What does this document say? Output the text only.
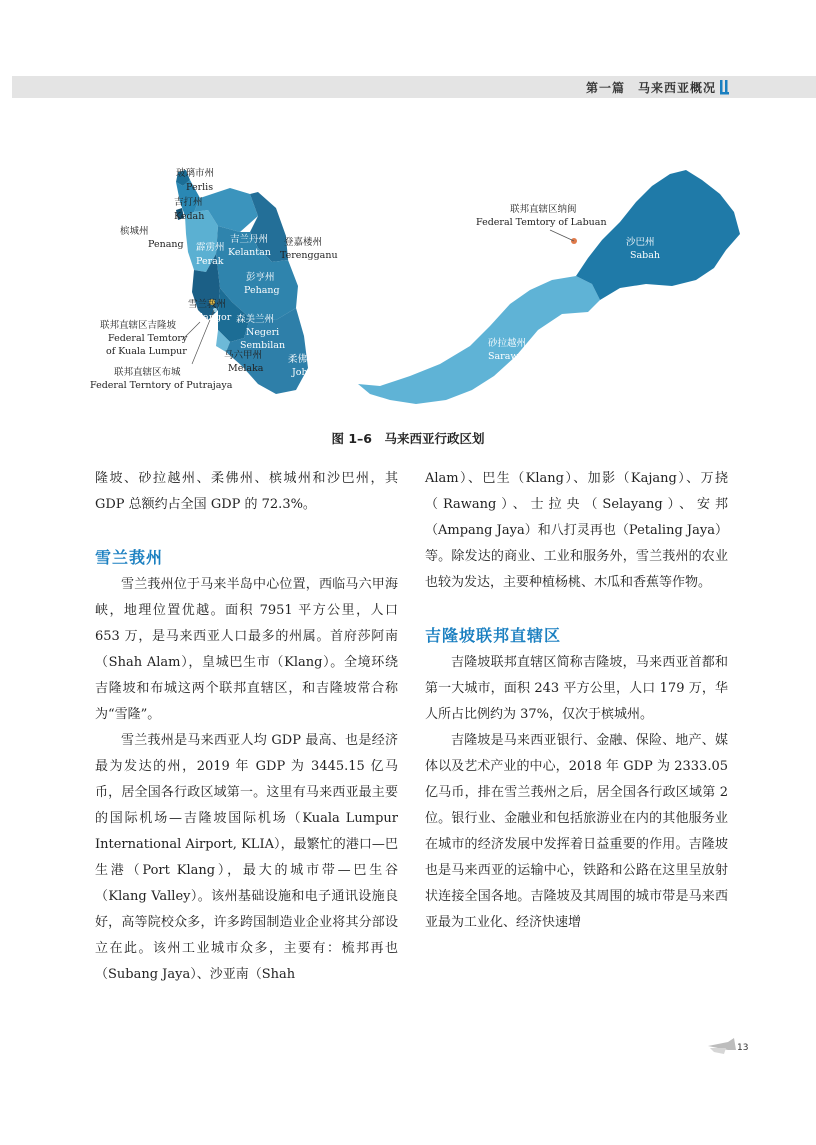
第一篇　马来西亚概况
玻璃市州
Perlis
吉打州
Kedah
槟城州
Penang 霹雳州
Perak
吉兰丹州
Kelantan
登嘉楼州
Terengganu
彭亨州
Pehang
雪兰莪州
Selangor 森美兰州
Negeri
Sembilan
马六甲州
Melaka
柔佛州
Johor
联邦直辖区吉隆坡
Federal Temtory
of Kuala Lumpur
联邦直辖区布城
Federal Terntory of Putrajaya
联邦直辖区纳闽
Federal Temtory of Labuan
砂拉越州
Sarawak
沙巴州
Sabah
图 1–6　马来西亚行政区划

隆坡、砂拉越州、柔佛州、槟城州和沙巴州，其 GDP 总额约占全国 GDP 的 72.3%。

雪兰莪州

雪兰莪州位于马来半岛中心位置，西临马六甲海峡，地理位置优越。面积 7951 平方公里，人口 653 万，是马来西亚人口最多的州属。首府莎阿南（Shah Alam），皇城巴生市（Klang）。全境环绕吉隆坡和布城这两个联邦直辖区，和吉隆坡常合称为“雪隆”。

雪兰莪州是马来西亚人均 GDP 最高、也是经济最为发达的州，2019 年 GDP 为 3445.15 亿马币，居全国各行政区域第一。这里有马来西亚最主要的国际机场—吉隆坡国际机场（Kuala Lumpur International Airport, KLIA），最繁忙的港口—巴生港（Port Klang），最大的城市带—巴生谷（Klang Valley）。该州基础设施和电子通讯设施良好，高等院校众多，许多跨国制造业企业将其分部设立在此。该州工业城市众多，主要有：梳邦再也（Subang Jaya）、沙亚南（Shah

Alam）、巴生（Klang）、加影（Kajang）、万挠（Rawang）、士拉央（Selayang）、安邦（Ampang Jaya）和八打灵再也（Petaling Jaya）等。除发达的商业、工业和服务外，雪兰莪州的农业也较为发达，主要种植杨桃、木瓜和香蕉等作物。

吉隆坡联邦直辖区

吉隆坡联邦直辖区简称吉隆坡，马来西亚首都和第一大城市，面积 243 平方公里，人口 179 万，华人所占比例约为 37%，仅次于槟城州。

吉隆坡是马来西亚银行、金融、保险、地产、媒体以及艺术产业的中心，2018 年 GDP 为 2333.05 亿马币，排在雪兰莪州之后，居全国各行政区域第 2 位。银行业、金融业和包括旅游业在内的其他服务业在城市的经济发展中发挥着日益重要的作用。吉隆坡也是马来西亚的运输中心，铁路和公路在这里呈放射状连接全国各地。吉隆坡及其周围的城市带是马来西亚最为工业化、经济快速增

13
